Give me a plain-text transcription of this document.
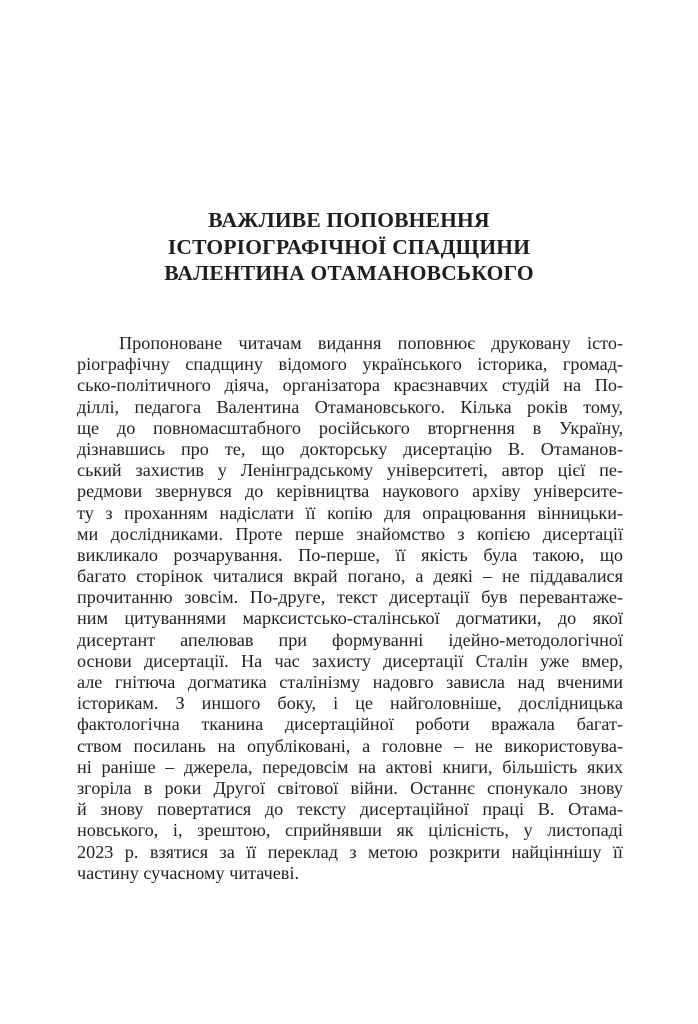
ВАЖЛИВЕ ПОПОВНЕННЯ
ІСТОРІОГРАФІЧНОЇ СПАДЩИНИ
ВАЛЕНТИНА ОТАМАНОВСЬКОГО
Пропоноване читачам видання поповнює друковану істо-
ріографічну спадщину відомого українського історика, громад-
сько-політичного діяча, організатора краєзнавчих студій на По-
діллі, педагога Валентина Отамановського. Кілька років тому,
ще до повномасштабного російського вторгнення в Україну,
дізнавшись про те, що докторську дисертацію В. Отаманов-
ський захистив у Ленінградському університеті, автор цієї пе-
редмови звернувся до керівництва наукового архіву університе-
ту з проханням надіслати її копію для опрацювання вінницьки-
ми дослідниками. Проте перше знайомство з копією дисертації
викликало розчарування. По-перше, її якість була такою, що
багато сторінок читалися вкрай погано, а деякі – не піддавалися
прочитанню зовсім. По-друге, текст дисертації був перевантаже-
ним цитуваннями марксистсько-сталінської догматики, до якої
дисертант апелював при формуванні ідейно-методологічної
основи дисертації. На час захисту дисертації Сталін уже вмер,
але гнітюча догматика сталінізму надовго зависла над вченими
історикам. З иншого боку, і це найголовніше, дослідницька
фактологічна тканина дисертаційної роботи вражала багат-
ством посилань на опубліковані, а головне – не використовува-
ні раніше – джерела, передовсім на актові книги, більшість яких
згоріла в роки Другої світової війни. Останнє спонукало знову
й знову повертатися до тексту дисертаційної праці В. Отама-
новського, і, зрештою, сприйнявши як цілісність, у листопаді
2023 р. взятися за її переклад з метою розкрити найціннішу її
частину сучасному читачеві.
